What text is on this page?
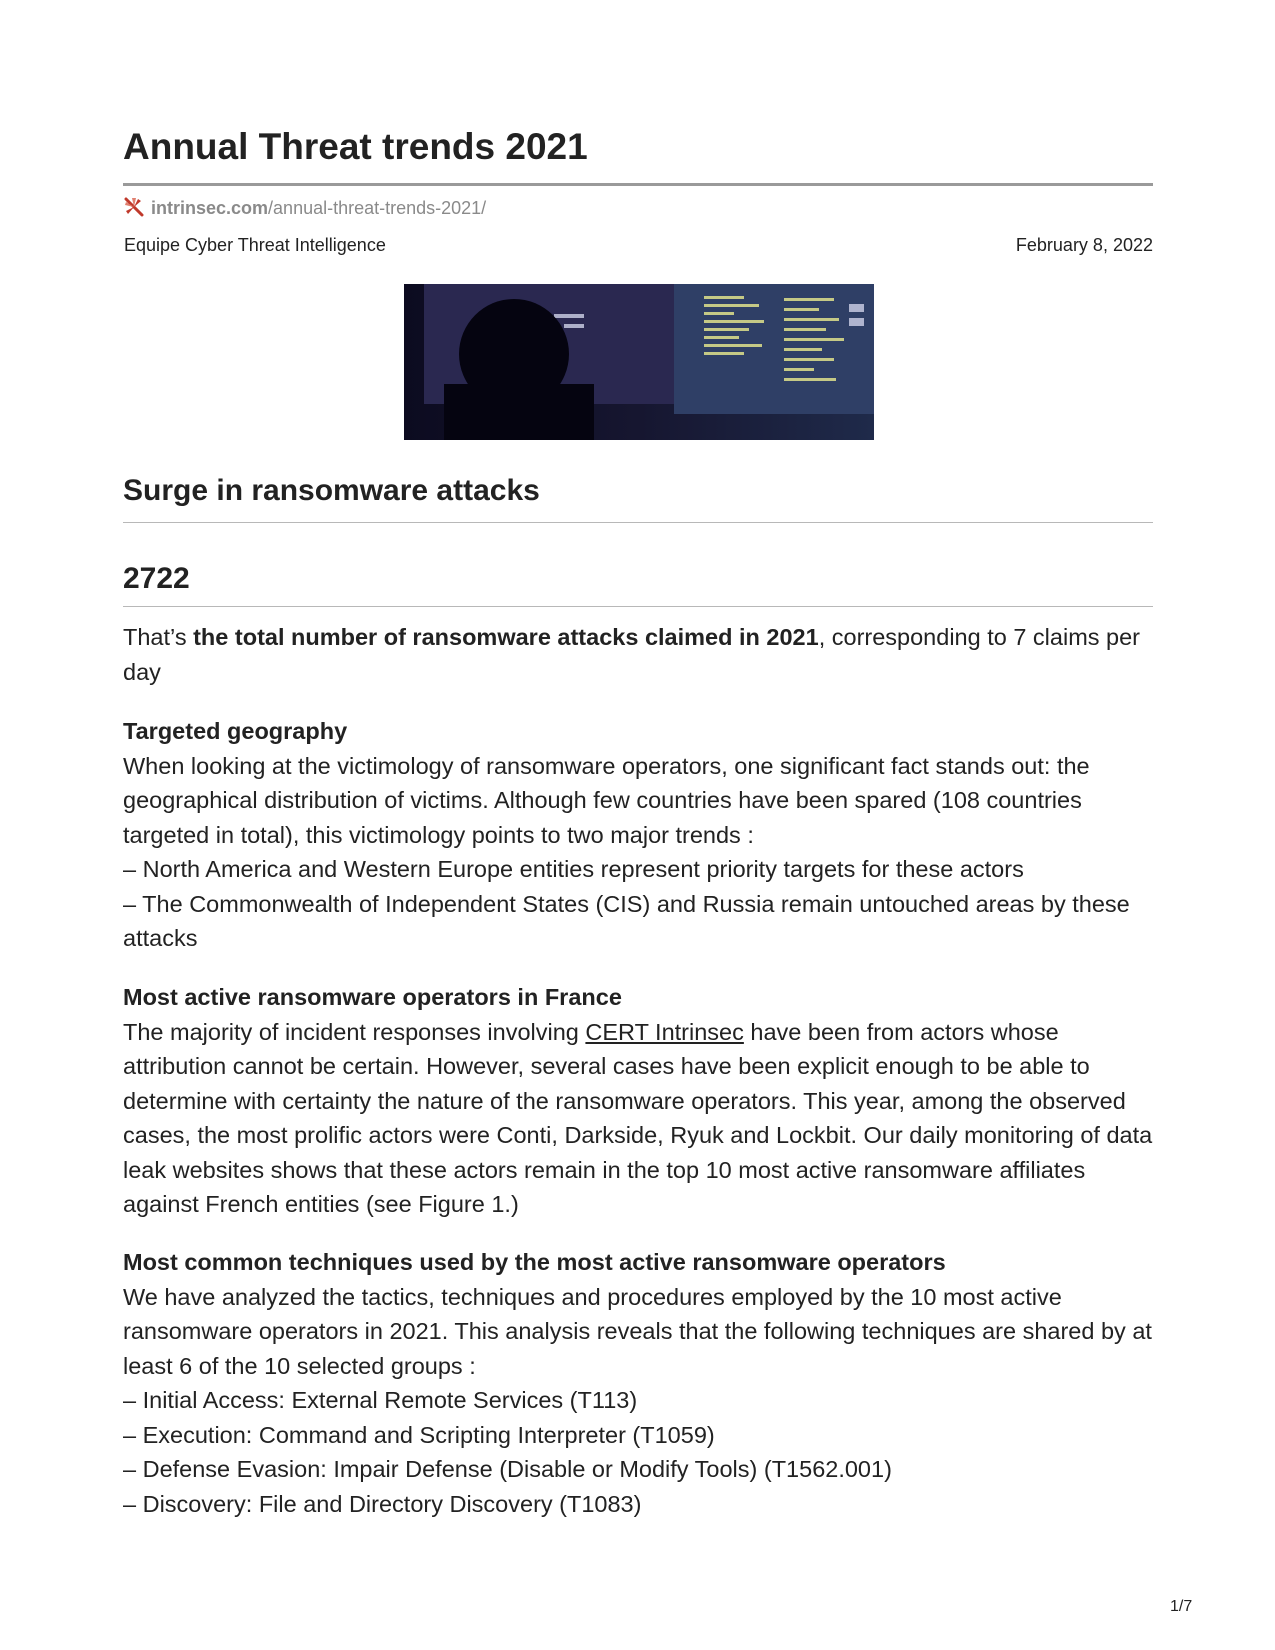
Annual Threat trends 2021
intrinsec.com/annual-threat-trends-2021/
Equipe Cyber Threat Intelligence	February 8, 2022
Surge in ransomware attacks
2722

That’s the total number of ransomware attacks claimed in 2021, corresponding to 7 claims per day

Targeted geography

When looking at the victimology of ransomware operators, one significant fact stands out: the geographical distribution of victims. Although few countries have been spared (108 countries targeted in total), this victimology points to two major trends :

– North America and Western Europe entities represent priority targets for these actors

– The Commonwealth of Independent States (CIS) and Russia remain untouched areas by these attacks

Most active ransomware operators in France

The majority of incident responses involving CERT Intrinsec have been from actors whose attribution cannot be certain. However, several cases have been explicit enough to be able to determine with certainty the nature of the ransomware operators. This year, among the observed cases, the most prolific actors were Conti, Darkside, Ryuk and Lockbit. Our daily monitoring of data leak websites shows that these actors remain in the top 10 most active ransomware affiliates against French entities (see Figure 1.)

Most common techniques used by the most active ransomware operators

We have analyzed the tactics, techniques and procedures employed by the 10 most active ransomware operators in 2021. This analysis reveals that the following techniques are shared by at least 6 of the 10 selected groups :

– Initial Access: External Remote Services (T113)

– Execution: Command and Scripting Interpreter (T1059)

– Defense Evasion: Impair Defense (Disable or Modify Tools) (T1562.001)

– Discovery: File and Directory Discovery (T1083)

1/7
